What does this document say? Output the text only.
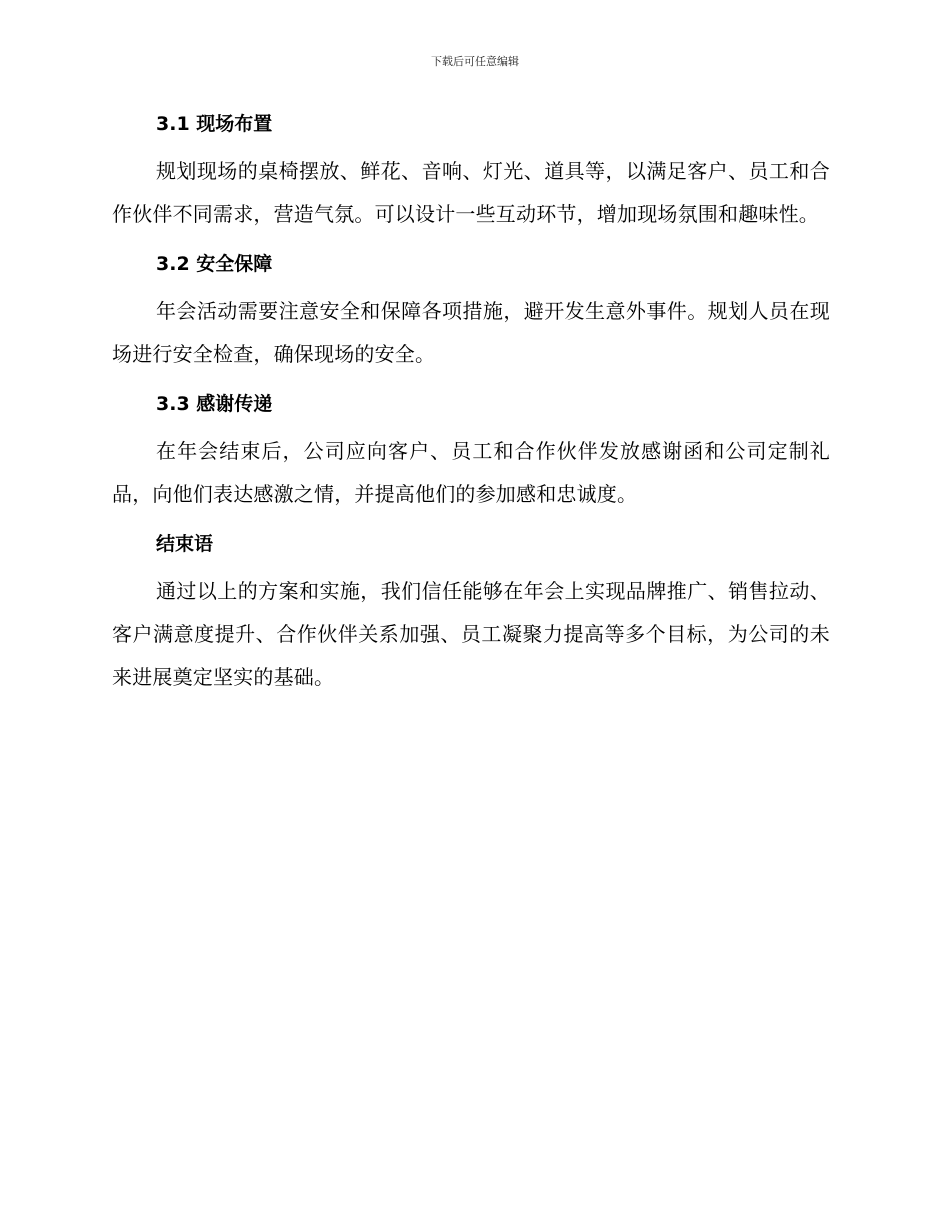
下载后可任意编辑
3.1 现场布置

规划现场的桌椅摆放、鲜花、音响、灯光、道具等，以满足客户、员工和合作伙伴不同需求，营造气氛。可以设计一些互动环节，增加现场氛围和趣味性。

3.2 安全保障

年会活动需要注意安全和保障各项措施，避开发生意外事件。规划人员在现场进行安全检查，确保现场的安全。

3.3 感谢传递

在年会结束后，公司应向客户、员工和合作伙伴发放感谢函和公司定制礼品，向他们表达感激之情，并提高他们的参加感和忠诚度。

结束语

通过以上的方案和实施，我们信任能够在年会上实现品牌推广、销售拉动、客户满意度提升、合作伙伴关系加强、员工凝聚力提高等多个目标，为公司的未来进展奠定坚实的基础。
